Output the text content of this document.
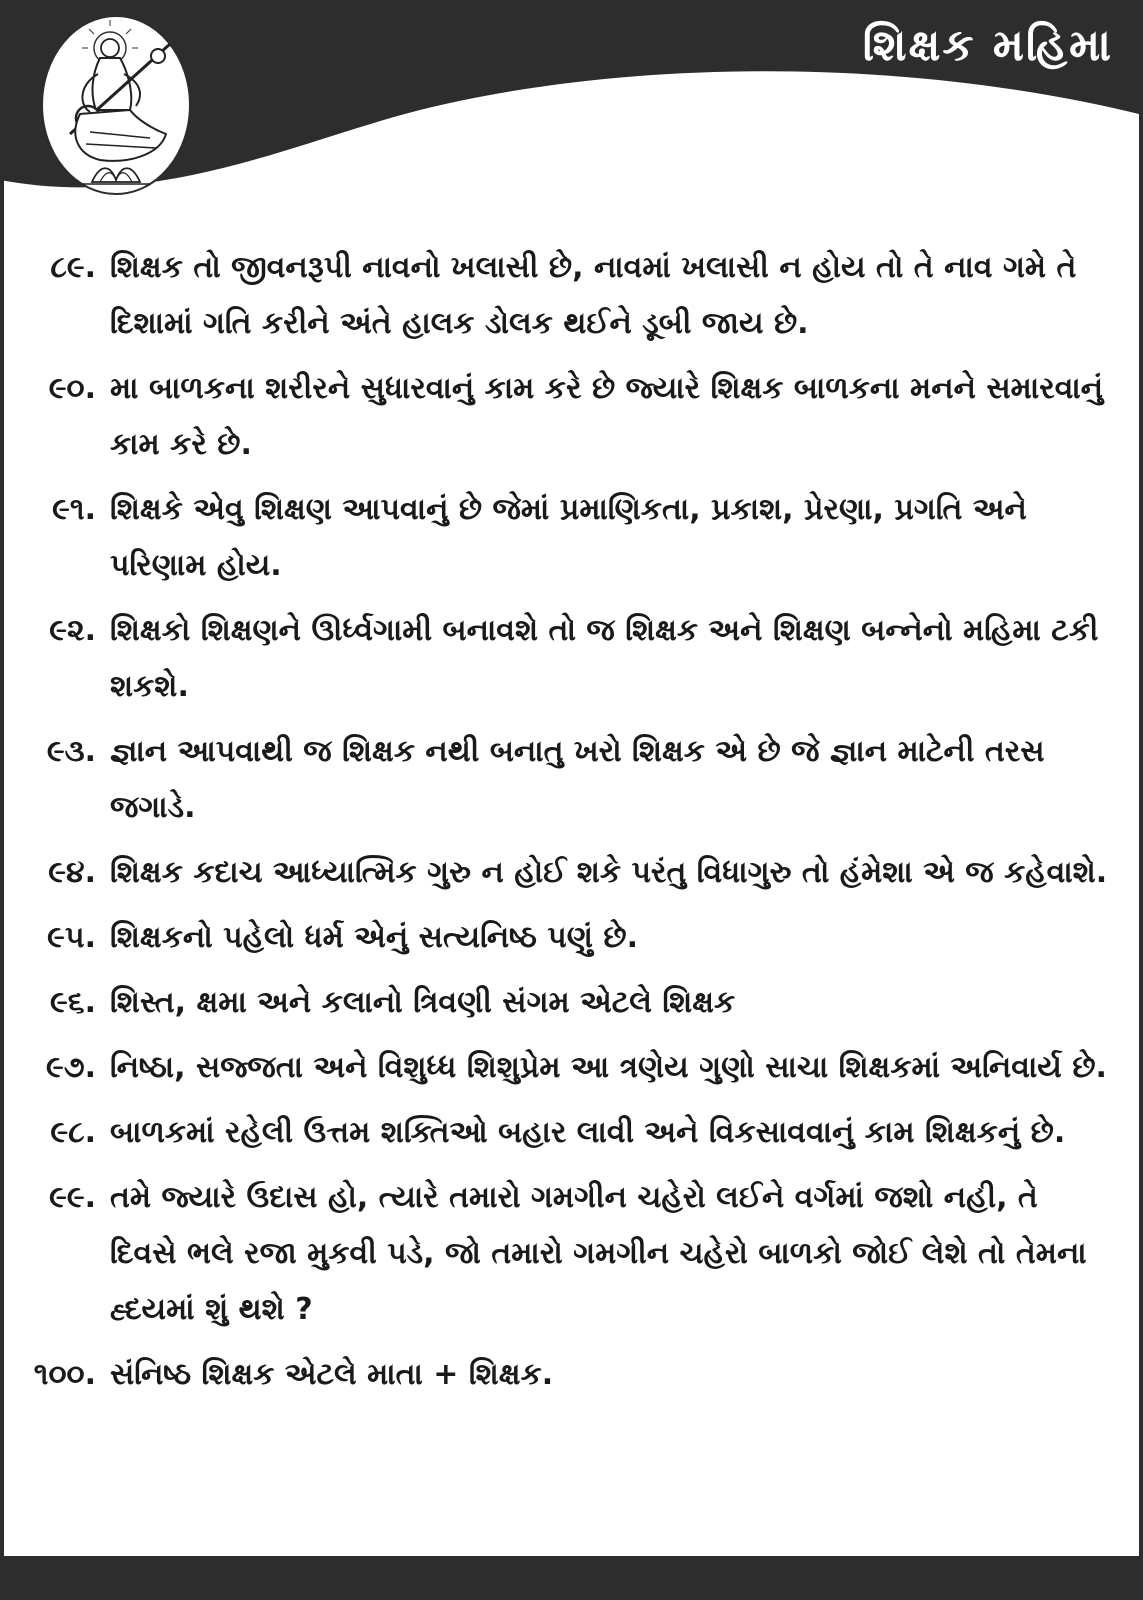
શિક્ષક મહિમા
૮૯. શિક્ષક તો જીવનરૂપી નાવનો ખલાસી છે, નાવમાં ખલાસી ન હોય તો તે નાવ ગમે તે દિશામાં ગતિ કરીને અંતે હાલક ડોલક થઈને ડૂબી જાય છે.
૯૦. મા બાળકના શરીરને સુધારવાનું કામ કરે છે જ્યારે શિક્ષક બાળકના મનને સમારવાનું કામ કરે છે.
૯૧. શિક્ષકે એવુ શિક્ષણ આપવાનું છે જેમાં પ્રમાણિકતા, પ્રકાશ, પ્રેરણા, પ્રગતિ અને પરિણામ હોય.
૯૨. શિક્ષકો શિક્ષણને ઊર્ધ્વગામી બનાવશે તો જ શિક્ષક અને શિક્ષણ બન્નેનો મહિમા ટકી શકશે.
૯૩. જ્ઞાન આપવાથી જ શિક્ષક નથી બનાતુ ખરો શિક્ષક એ છે જે જ્ઞાન માટેની તરસ જગાડે.
૯૪. શિક્ષક કદાચ આધ્યાત્મિક ગુરુ ન હોઈ શકે પરંતુ વિધાગુરુ તો હંમેશા એ જ કહેવાશે.
૯૫. શિક્ષકનો પહેલો ધર્મ એનું સત્યનિષ્ઠ પણું છે.
૯૬. શિસ્ત, ક્ષમા અને કલાનો ત્રિવણી સંગમ એટલે શિક્ષક
૯૭. નિષ્ઠા, સજ્જતા અને વિશુધ્ધ શિશુપ્રેમ આ ત્રણેય ગુણો સાચા શિક્ષકમાં અનિવાર્ય છે.
૯૮. બાળકમાં રહેલી ઉત્તમ શક્તિઓ બહાર લાવી અને વિકસાવવાનું કામ શિક્ષકનું છે.
૯૯. તમે જ્યારે ઉદાસ હો, ત્યારે તમારો ગમગીન ચહેરો લઈને વર્ગમાં જશો નહી, તે દિવસે ભલે રજા મુકવી પડે, જો તમારો ગમગીન ચહેરો બાળકો જોઈ લેશે તો તેમના હ્દયમાં શું થશે ?
૧૦૦. સંનિષ્ઠ શિક્ષક એટલે માતા + શિક્ષક.
